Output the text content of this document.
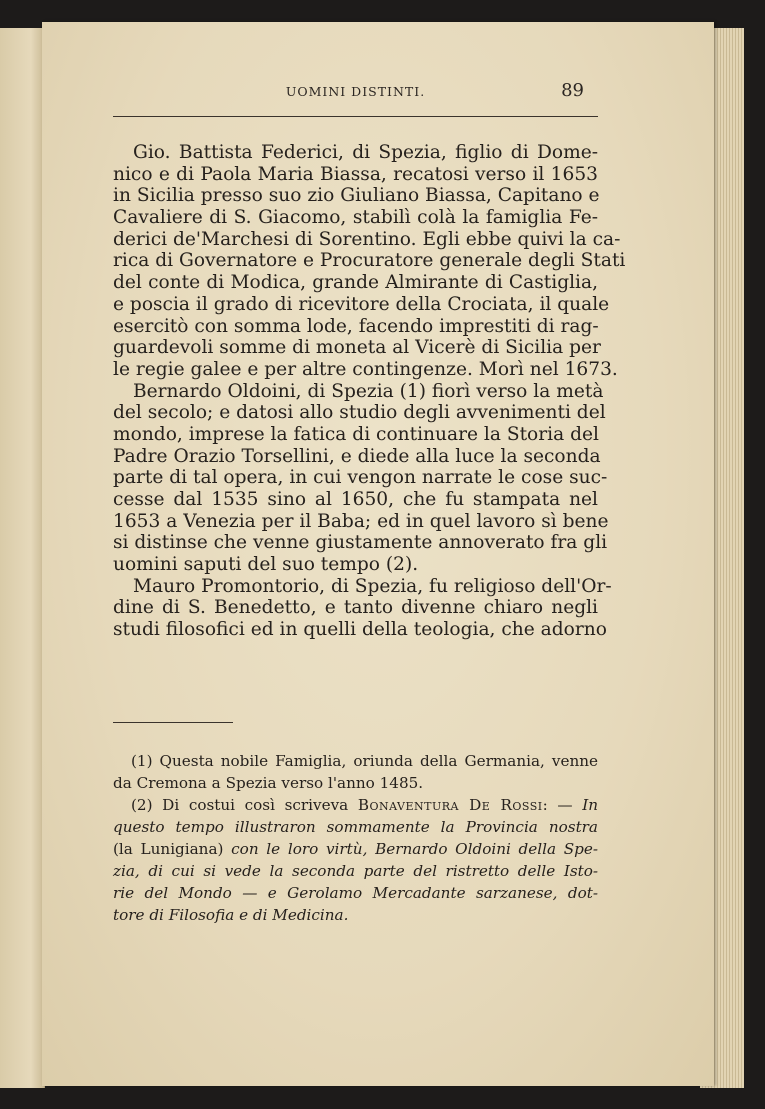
UOMINI DISTINTI.	89
Gio. Battista Federici, di Spezia, figlio di Dome-
nico e di Paola Maria Biassa, recatosi verso il 1653
in Sicilia presso suo zio Giuliano Biassa, Capitano e
Cavaliere di S. Giacomo, stabilì colà la famiglia Fe-
derici de'Marchesi di Sorentino. Egli ebbe quivi la ca-
rica di Governatore e Procuratore generale degli Stati
del conte di Modica, grande Almirante di Castiglia,
e poscia il grado di ricevitore della Crociata, il quale
esercitò con somma lode, facendo imprestiti di rag-
guardevoli somme di moneta al Vicerè di Sicilia per
le regie galee e per altre contingenze. Morì nel 1673.
Bernardo Oldoini, di Spezia (1) fiorì verso la metà
del secolo; e datosi allo studio degli avvenimenti del
mondo, imprese la fatica di continuare la Storia del
Padre Orazio Torsellini, e diede alla luce la seconda
parte di tal opera, in cui vengon narrate le cose suc-
cesse dal 1535 sino al 1650, che fu stampata nel
1653 a Venezia per il Baba; ed in quel lavoro sì bene
si distinse che venne giustamente annoverato fra gli
uomini saputi del suo tempo (2).
Mauro Promontorio, di Spezia, fu religioso dell'Or-
dine di S. Benedetto, e tanto divenne chiaro negli
studi filosofici ed in quelli della teologia, che adorno
(1) Questa nobile Famiglia, oriunda della Germania, venne
da Cremona a Spezia verso l'anno 1485.
(2) Di costui così scriveva Bonaventura De Rossi: — In
questo tempo illustraron sommamente la Provincia nostra
(la Lunigiana) con le loro virtù, Bernardo Oldoini della Spe-
zia, di cui si vede la seconda parte del ristretto delle Isto-
rie del Mondo — e Gerolamo Mercadante sarzanese, dot-
tore di Filosofia e di Medicina.
